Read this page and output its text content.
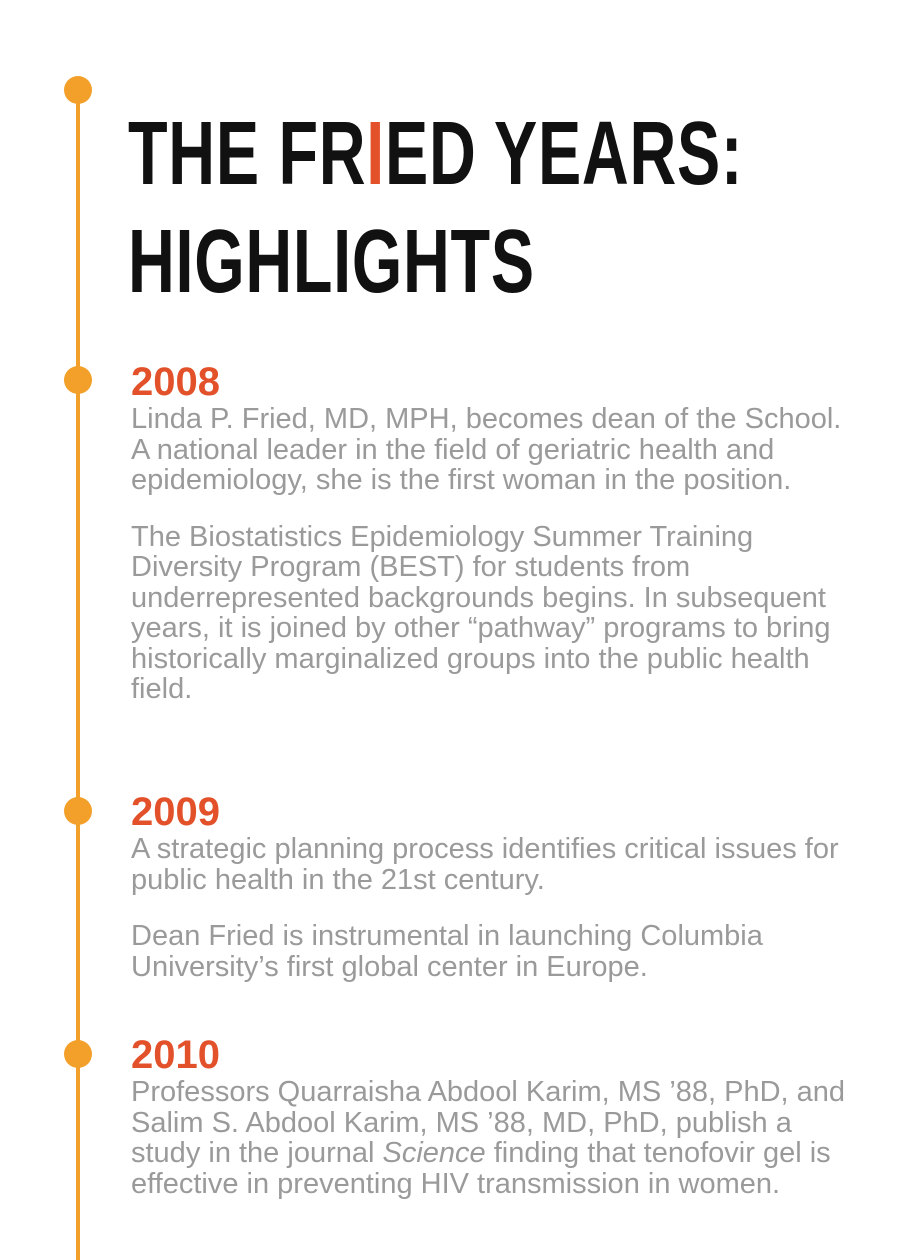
THE FRIED YEARS:
HIGHLIGHTS
2008

Linda P. Fried, MD, MPH, becomes dean of the School. A national leader in the field of geriatric health and epidemiology, she is the first woman in the position.

The Biostatistics Epidemiology Summer Training Diversity Program (BEST) for students from underrepresented backgrounds begins. In subsequent years, it is joined by other “pathway” programs to bring historically marginalized groups into the public health field.

2009

A strategic planning process identifies critical issues for public health in the 21st century.

Dean Fried is instrumental in launching Columbia University’s first global center in Europe.

2010

Professors Quarraisha Abdool Karim, MS ’88, PhD, and Salim S. Abdool Karim, MS ’88, MD, PhD, publish a study in the journal Science finding that tenofovir gel is effective in preventing HIV transmission in women.
